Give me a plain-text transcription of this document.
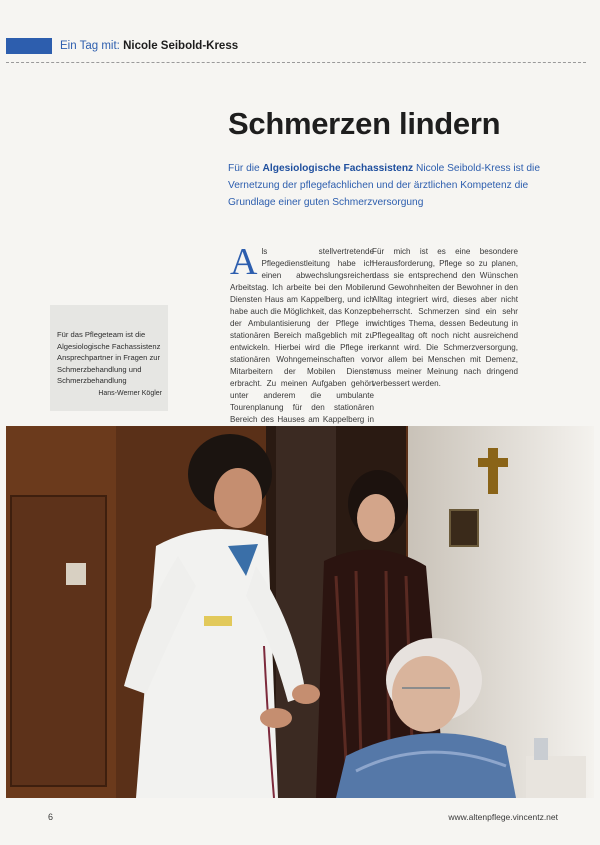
Ein Tag mit: Nicole Seibold-Kress
Schmerzen lindern
Für die Algesiologische Fachassistenz Nicole Seibold-Kress ist die Vernetzung der pflegefachlichen und der ärztlichen Kompetenz die Grundlage einer guten Schmerzversorgung
Als stellvertretende Pflegedienstleitung habe ich einen abwechslungsreichen Arbeitstag. Ich arbeite bei den Mobilen Diensten Haus am Kappelberg, und ich habe auch die Möglichkeit, das Konzept der Ambulantisierung der Pflege im stationären Bereich maßgeblich mit zu entwickeln. Hierbei wird die Pflege in stationären Wohngemeinschaften von Mitarbeitern der Mobilen Dienste erbracht. Zu meinen Aufgaben gehört unter anderem die umbulante Tourenplanung für den stationären Bereich des Hauses am Kappelberg in
Für mich ist es eine besondere Herausforderung, Pflege so zu planen, dass sie entsprechend den Wünschen und Gewohnheiten der Bewohner in den Alltag integriert wird, dieses aber nicht beherrscht. Schmerzen sind ein sehr wichtiges Thema, dessen Bedeutung in Pflegealltag oft noch nicht ausreichend erkannt wird. Die Schmerzversorgung, vor allem bei Menschen mit Demenz, muss meiner Meinung nach dringend verbessert werden.
Für das Pflegeteam ist die Algesiologische Fachassistenz Ansprechpartner in Fragen zur Schmerzbehandlung und Schmerzbehandlung
Hans-Werner Kögler
6	www.altenpflege.vincentz.net
